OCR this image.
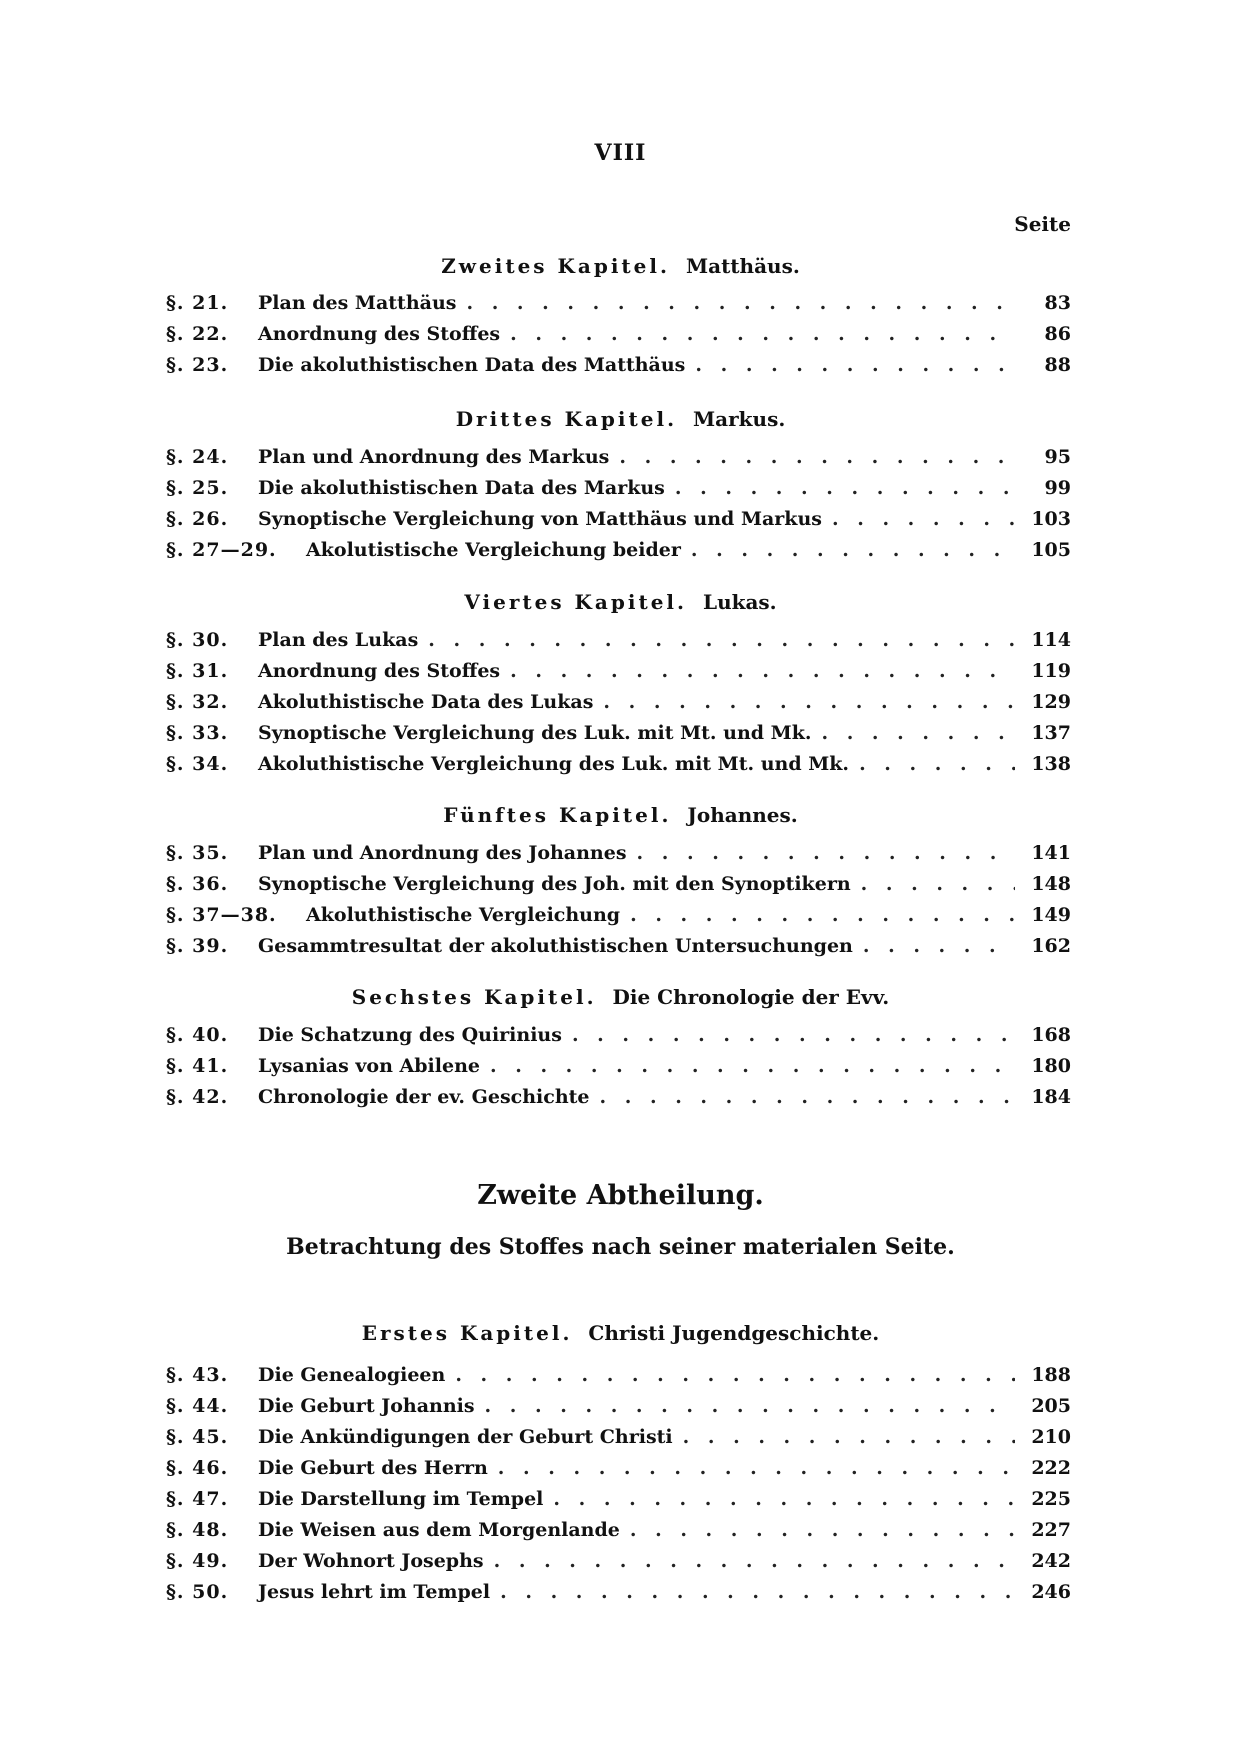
VIII
Seite
Zweites Kapitel. Matthäus.
§. 21.	Plan des Matthäus . . .	83
§. 22.	Anordnung des Stoffes . . .	86
§. 23.	Die akoluthistischen Data des Matthäus . . .	88
Drittes Kapitel. Markus.
§. 24.	Plan und Anordnung des Markus . . .	95
§. 25.	Die akoluthistischen Data des Markus . . .	99
§. 26.	Synoptische Vergleichung von Matthäus und Markus . . .	103
§. 27—29.	Akolutistische Vergleichung beider . . .	105
Viertes Kapitel. Lukas.
§. 30.	Plan des Lukas . . .	114
§. 31.	Anordnung des Stoffes . . .	119
§. 32.	Akoluthistische Data des Lukas . . .	129
§. 33.	Synoptische Vergleichung des Luk. mit Mt. und Mk. . . .	137
§. 34.	Akoluthistische Vergleichung des Luk. mit Mt. und Mk. . . .	138
Fünftes Kapitel. Johannes.
§. 35.	Plan und Anordnung des Johannes . . .	141
§. 36.	Synoptische Vergleichung des Joh. mit den Synoptikern . . .	148
§. 37—38.	Akoluthistische Vergleichung . . .	149
§. 39.	Gesammtresultat der akoluthistischen Untersuchungen . . .	162
Sechstes Kapitel. Die Chronologie der Evv.
§. 40.	Die Schatzung des Quirinius . . .	168
§. 41.	Lysanias von Abilene . . .	180
§. 42.	Chronologie der ev. Geschichte . . .	184
Zweite Abtheilung.
Betrachtung des Stoffes nach seiner materialen Seite.
Erstes Kapitel. Christi Jugendgeschichte.
§. 43.	Die Genealogieen . . .	188
§. 44.	Die Geburt Johannis . . .	205
§. 45.	Die Ankündigungen der Geburt Christi . . .	210
§. 46.	Die Geburt des Herrn . . .	222
§. 47.	Die Darstellung im Tempel . . .	225
§. 48.	Die Weisen aus dem Morgenlande . . .	227
§. 49.	Der Wohnort Josephs . . .	242
§. 50.	Jesus lehrt im Tempel . . .	246
